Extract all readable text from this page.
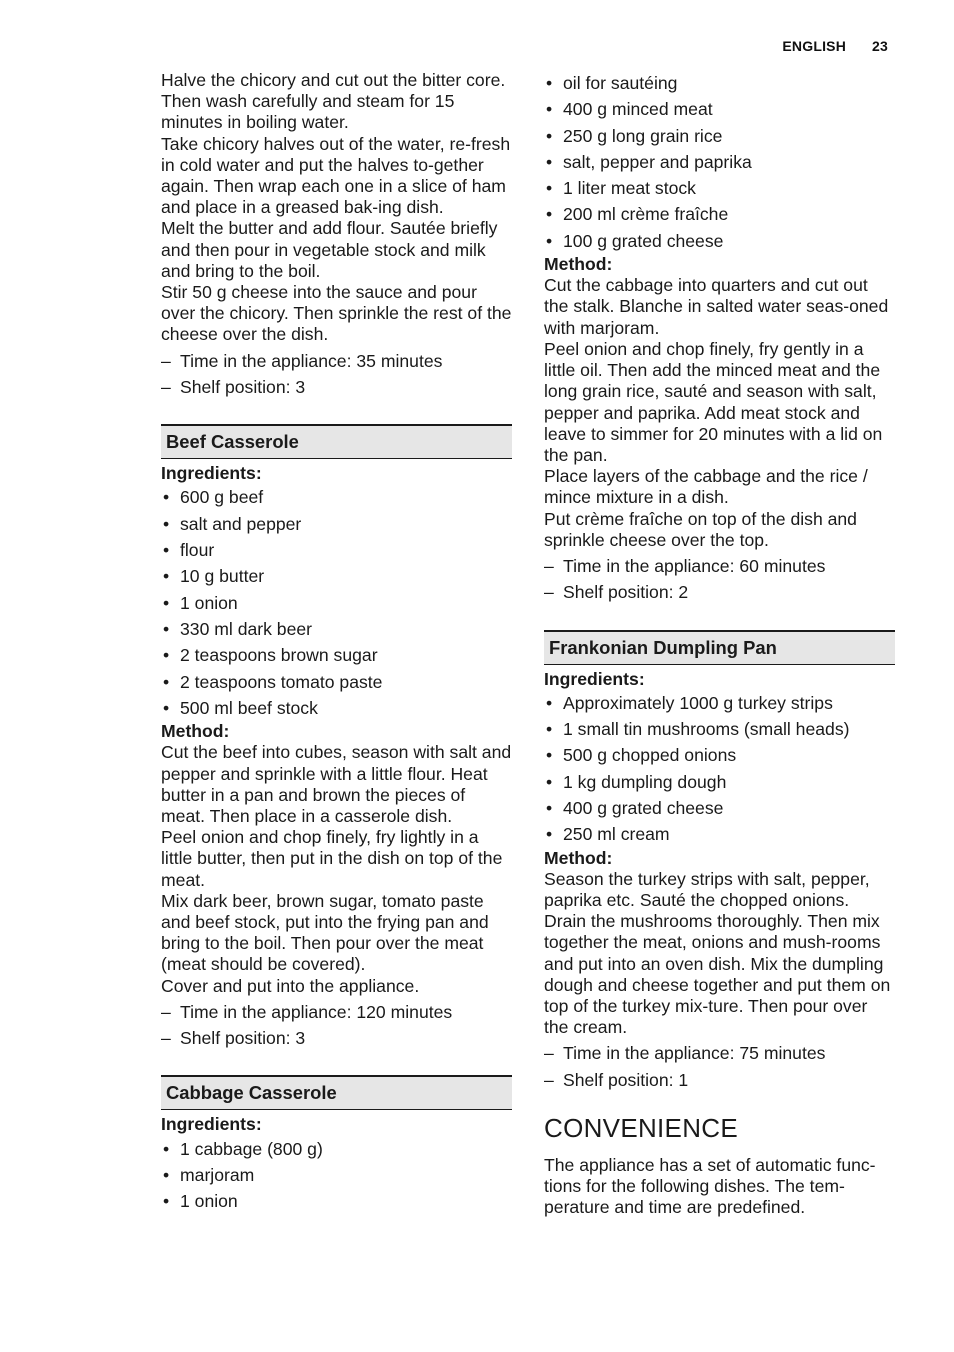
ENGLISH 23

Halve the chicory and cut out the bitter core. Then wash carefully and steam for 15 minutes in boiling water.

Take chicory halves out of the water, re-fresh in cold water and put the halves to-gether again. Then wrap each one in a slice of ham and place in a greased bak-ing dish.

Melt the butter and add flour. Sautée briefly and then pour in vegetable stock and milk and bring to the boil.

Stir 50 g cheese into the sauce and pour over the chicory. Then sprinkle the rest of the cheese over the dish.

– Time in the appliance: 35 minutes
– Shelf position: 3
Beef Casserole

Ingredients:

• 600 g beef
• salt and pepper
• flour
• 10 g butter
• 1 onion
• 330 ml dark beer
• 2 teaspoons brown sugar
• 2 teaspoons tomato paste
• 500 ml beef stock

Method:

Cut the beef into cubes, season with salt and pepper and sprinkle with a little flour. Heat butter in a pan and brown the pieces of meat. Then place in a casserole dish.

Peel onion and chop finely, fry lightly in a little butter, then put in the dish on top of the meat.

Mix dark beer, brown sugar, tomato paste and beef stock, put into the frying pan and bring to the boil. Then pour over the meat (meat should be covered).

Cover and put into the appliance.

– Time in the appliance: 120 minutes
– Shelf position: 3
Cabbage Casserole

Ingredients:

• 1 cabbage (800 g)
• marjoram
• 1 onion
• oil for sautéing
• 400 g minced meat
• 250 g long grain rice
• salt, pepper and paprika
• 1 liter meat stock
• 200 ml crème fraîche
• 100 g grated cheese

Method:

Cut the cabbage into quarters and cut out the stalk. Blanche in salted water seas-oned with marjoram.

Peel onion and chop finely, fry gently in a little oil. Then add the minced meat and the long grain rice, sauté and season with salt, pepper and paprika. Add meat stock and leave to simmer for 20 minutes with a lid on the pan.

Place layers of the cabbage and the rice / mince mixture in a dish.

Put crème fraîche on top of the dish and sprinkle cheese over the top.

– Time in the appliance: 60 minutes
– Shelf position: 2
Frankonian Dumpling Pan

Ingredients:

• Approximately 1000 g turkey strips
• 1 small tin mushrooms (small heads)
• 500 g chopped onions
• 1 kg dumpling dough
• 400 g grated cheese
• 250 ml cream

Method:

Season the turkey strips with salt, pepper, paprika etc. Sauté the chopped onions. Drain the mushrooms thoroughly. Then mix together the meat, onions and mush-rooms and put into an oven dish. Mix the dumpling dough and cheese together and put them on top of the turkey mix-ture. Then pour over the cream.

– Time in the appliance: 75 minutes
– Shelf position: 1
CONVENIENCE

The appliance has a set of automatic func-tions for the following dishes. The tem-perature and time are predefined.
